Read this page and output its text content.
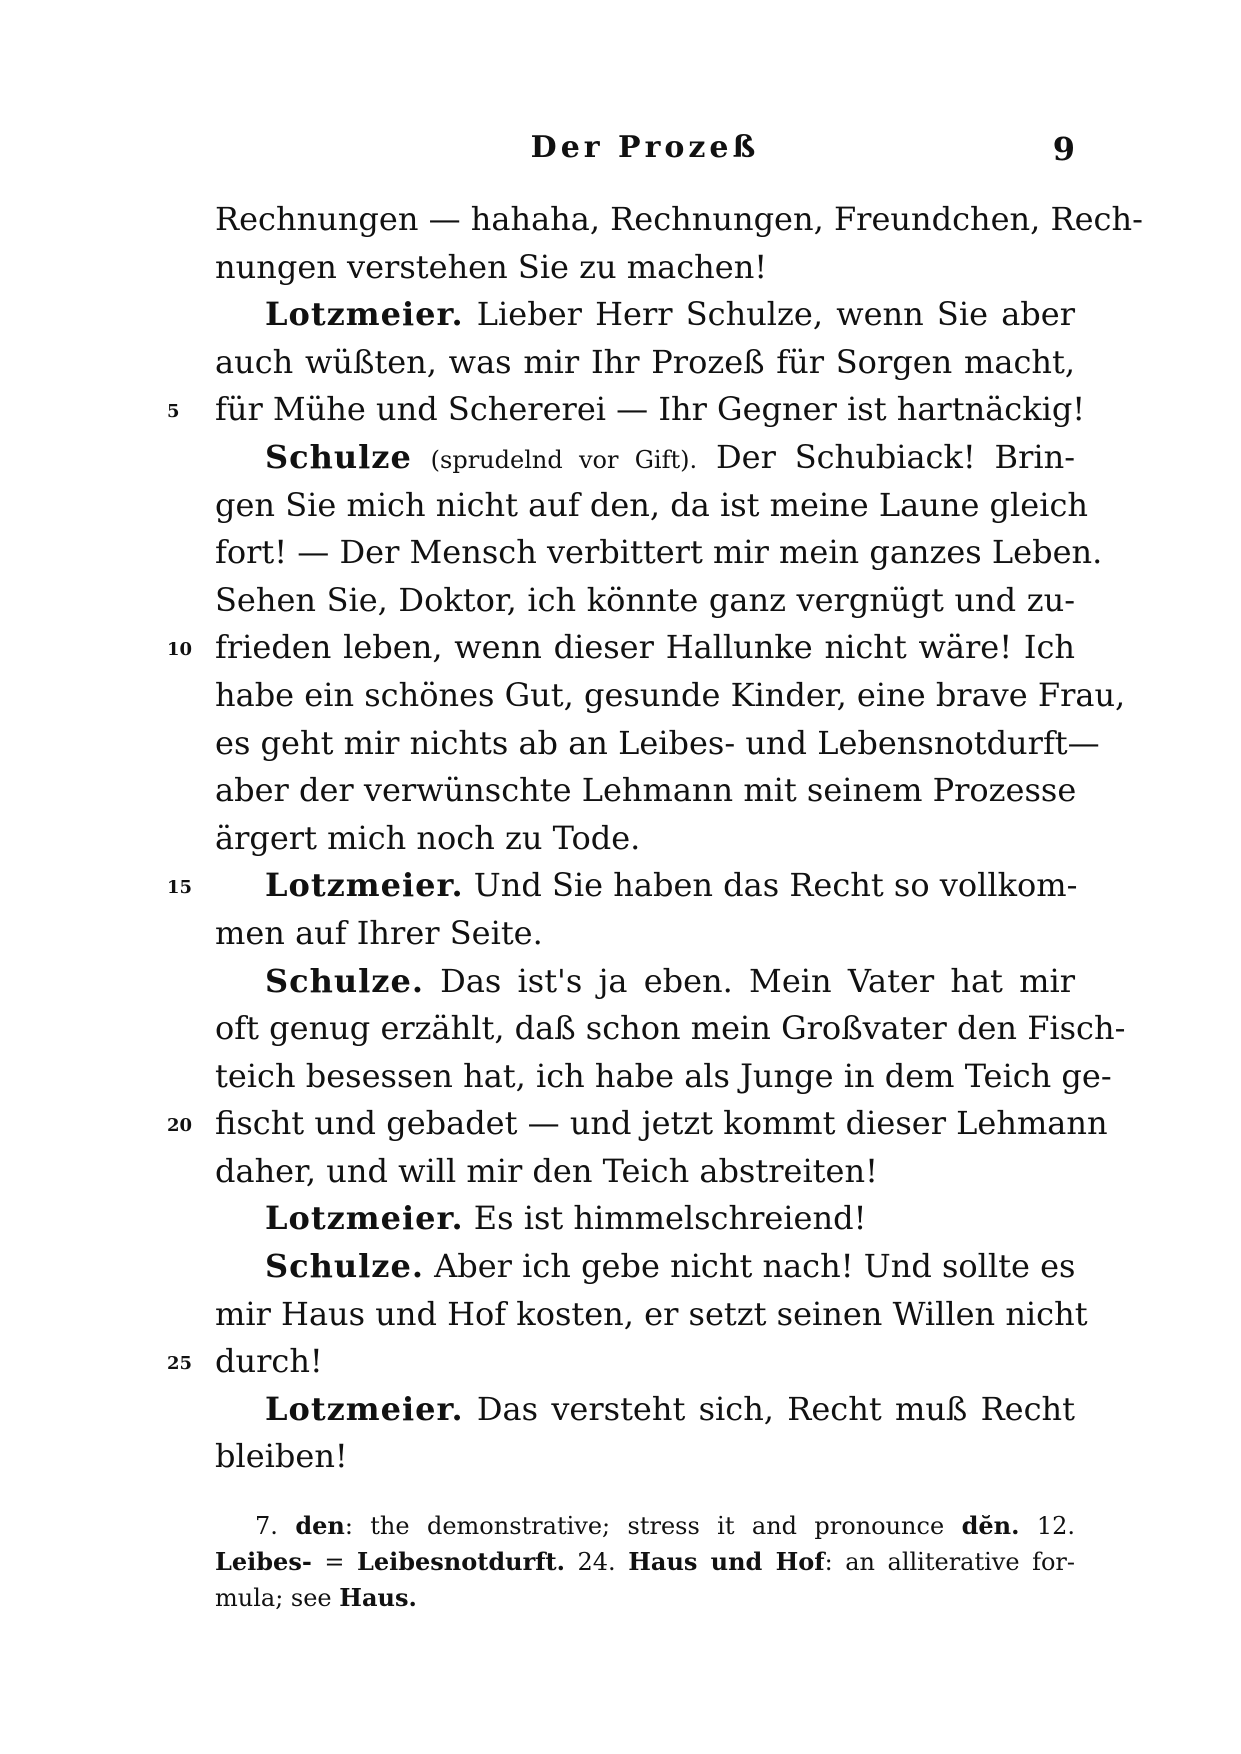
Der Prozeß	9
Rechnungen — hahaha, Rechnungen, Freundchen, Rech-
nungen verstehen Sie zu machen!
Lotzmeier. Lieber Herr Schulze, wenn Sie aber
auch wüßten, was mir Ihr Prozeß für Sorgen macht,
5 für Mühe und Schererei — Ihr Gegner ist hartnäckig!
Schulze (sprudelnd vor Gift). Der Schubiack! Brin-
gen Sie mich nicht auf den, da ist meine Laune gleich
fort! — Der Mensch verbittert mir mein ganzes Leben.
Sehen Sie, Doktor, ich könnte ganz vergnügt und zu-
10 frieden leben, wenn dieser Hallunke nicht wäre! Ich
habe ein schönes Gut, gesunde Kinder, eine brave Frau,
es geht mir nichts ab an Leibes- und Lebensnotdurft—
aber der verwünschte Lehmann mit seinem Prozesse
ärgert mich noch zu Tode.
15	Lotzmeier. Und Sie haben das Recht so vollkom-
men auf Ihrer Seite.
Schulze. Das ist's ja eben. Mein Vater hat mir
oft genug erzählt, daß schon mein Großvater den Fisch-
teich besessen hat, ich habe als Junge in dem Teich ge-
20 fischt und gebadet — und jetzt kommt dieser Lehmann
daher, und will mir den Teich abstreiten!
Lotzmeier. Es ist himmelschreiend!
Schulze. Aber ich gebe nicht nach! Und sollte es
mir Haus und Hof kosten, er setzt seinen Willen nicht
25 durch!
Lotzmeier. Das versteht sich, Recht muß Recht
bleiben!
7. den: the demonstrative; stress it and pronounce dĕn. 12.
Leibes- = Leibesnotdurft. 24. Haus und Hof: an alliterative for-
mula; see Haus.
